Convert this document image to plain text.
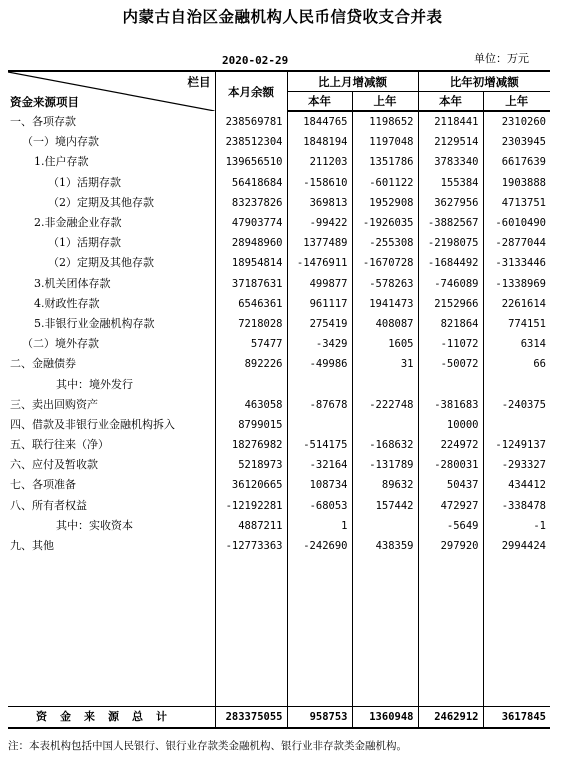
内蒙古自治区金融机构人民币信贷收支合并表
单位：万元
2020-02-29
栏目
资金来源项目	本月余额	比上月增减额		比年初增减额	
		本年	上年	本年	上年
一、各项存款	238569781	1844765	1198652	2118441	2310260
（一）境内存款	238512304	1848194	1197048	2129514	2303945
1.住户存款	139656510	211203	1351786	3783340	6617639
（1）活期存款	56418684	-158610	-601122	155384	1903888
（2）定期及其他存款	83237826	369813	1952908	3627956	4713751
2.非金融企业存款	47903774	-99422	-1926035	-3882567	-6010490
（1）活期存款	28948960	1377489	-255308	-2198075	-2877044
（2）定期及其他存款	18954814	-1476911	-1670728	-1684492	-3133446
3.机关团体存款	37187631	499877	-578263	-746089	-1338969
4.财政性存款	6546361	961117	1941473	2152966	2261614
5.非银行业金融机构存款	7218028	275419	408087	821864	774151
（二）境外存款	57477	-3429	1605	-11072	6314
二、金融债券	892226	-49986	31	-50072	66
其中：境外发行					
三、卖出回购资产	463058	-87678	-222748	-381683	-240375
四、借款及非银行业金融机构拆入	8799015			10000	
五、联行往来（净）	18276982	-514175	-168632	224972	-1249137
六、应付及暂收款	5218973	-32164	-131789	-280031	-293327
七、各项准备	36120665	108734	89632	50437	434412
八、所有者权益	-12192281	-68053	157442	472927	-338478
其中：实收资本	4887211	1		-5649	-1
九、其他	-12773363	-242690	438359	297920	2994424

资金来源总计	283375055	958753	1360948	2462912	3617845
注：本表机构包括中国人民银行、银行业存款类金融机构、银行业非存款类金融机构。
